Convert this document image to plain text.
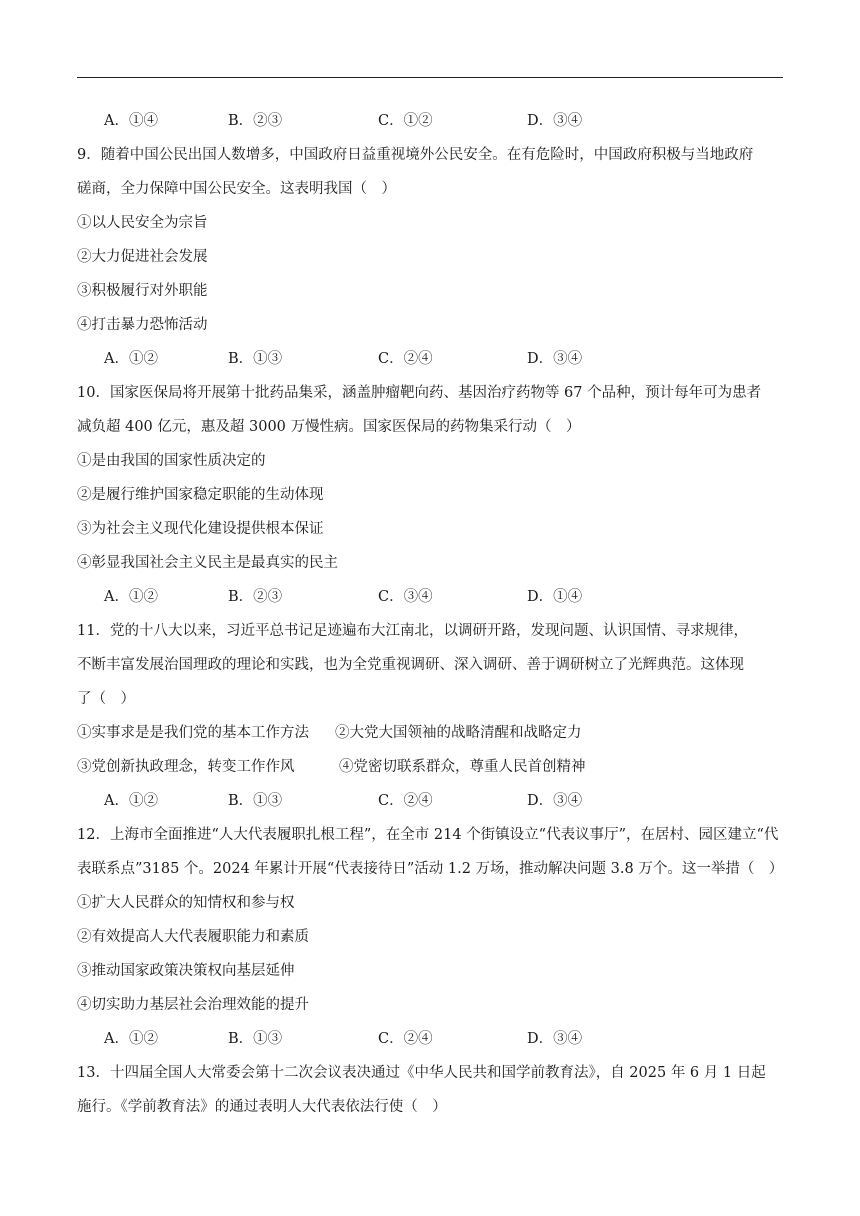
A．①④	B．②③	C．①②	D．③④
9．随着中国公民出国人数增多，中国政府日益重视境外公民安全。在有危险时，中国政府积极与当地政府
磋商，全力保障中国公民安全。这表明我国（　）
①以人民安全为宗旨
②大力促进社会发展
③积极履行对外职能
④打击暴力恐怖活动
A．①②	B．①③	C．②④	D．③④
10．国家医保局将开展第十批药品集采，涵盖肿瘤靶向药、基因治疗药物等 67 个品种，预计每年可为患者
减负超 400 亿元，惠及超 3000 万慢性病。国家医保局的药物集采行动（　）
①是由我国的国家性质决定的
②是履行维护国家稳定职能的生动体现
③为社会主义现代化建设提供根本保证
④彰显我国社会主义民主是最真实的民主
A．①②	B．②③	C．③④	D．①④
11．党的十八大以来，习近平总书记足迹遍布大江南北，以调研开路，发现问题、认识国情、寻求规律，
不断丰富发展治国理政的理论和实践，也为全党重视调研、深入调研、善于调研树立了光辉典范。这体现
了（　）
①实事求是是我们党的基本工作方法 ②大党大国领袖的战略清醒和战略定力
③党创新执政理念，转变工作作风	④党密切联系群众，尊重人民首创精神
A．①②	B．①③	C．②④	D．③④
12．上海市全面推进“人大代表履职扎根工程”，在全市 214 个街镇设立“代表议事厅”，在居村、园区建立“代
表联系点”3185 个。2024 年累计开展“代表接待日”活动 1.2 万场，推动解决问题 3.8 万个。这一举措（　）
①扩大人民群众的知情权和参与权
②有效提高人大代表履职能力和素质
③推动国家政策决策权向基层延伸
④切实助力基层社会治理效能的提升
A．①②	B．①③	C．②④	D．③④
13．十四届全国人大常委会第十二次会议表决通过《中华人民共和国学前教育法》，自 2025 年 6 月 1 日起
施行。《学前教育法》的通过表明人大代表依法行使（　）
